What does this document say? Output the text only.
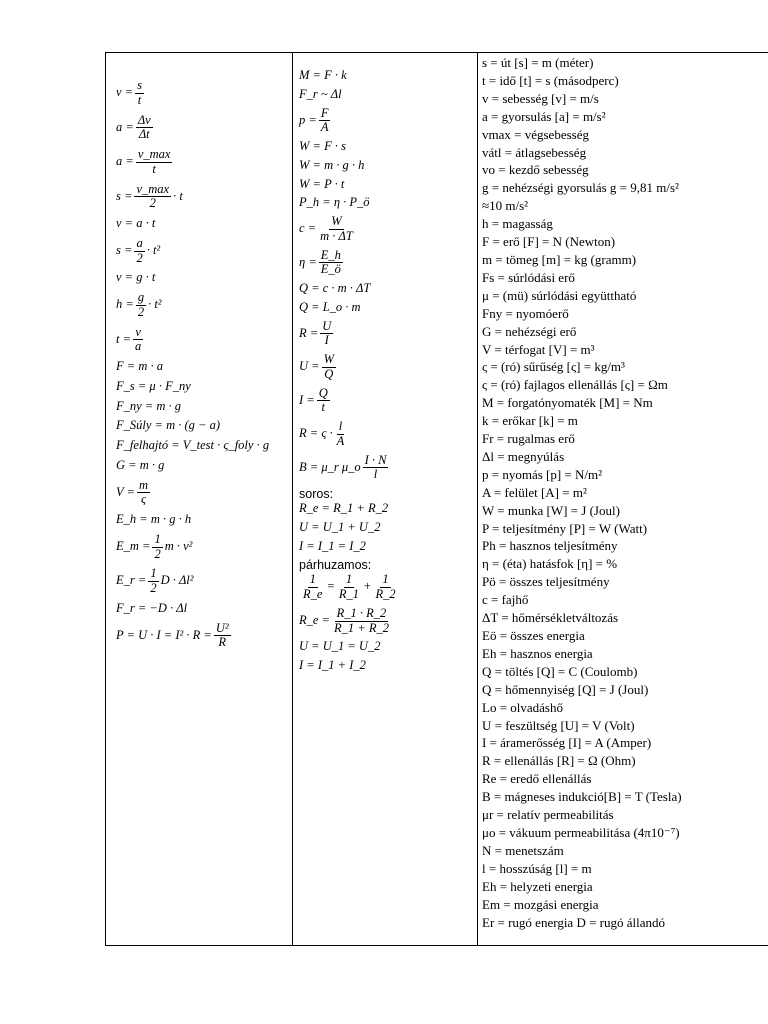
$v = \frac{s}{t}$
$a = \frac{\Delta v}{\Delta t}$
$a = \frac{v\_\max}{t}$
$s = \frac{v\_\max}{2} \cdot t$
v = a · t
$s = \frac{a}{2} \cdot t^2$
v = g · t
$h = \frac{g}{2} \cdot t^2$
$t = \frac{v}{a}$
F = m · a
F_s = μ · F_ny
F_ny = m · g
F_Súly = m · (g − a)
F_felhajtó = V_test · ς_foly · g
G = m · g
$V = \frac{m}{\varsigma}$
E_h = m · g · h
E_m = $\frac{1}{2}$ m · v²
E_r = $\frac{1}{2}$ D · Δl²
F_r = −D · Δl
$P = U \cdot I = I^2 \cdot R = \frac{\text{U²}}{R}$
M = F · k
F_r ~ Δl
$p = \frac{F}{A}$
W = F · s
W = m · g · h
W = P · t
P_h = η · P_ö
$c = \frac{W}{m \cdot \Delta T}$
$\eta = \frac{E\_h}{E\_ö}$
Q = c · m · ΔT
Q = L_o · m
$R = \frac{U}{I}$
$U = \frac{W}{Q}$
$I = \frac{Q}{t}$
$R = \varsigma \cdot \frac{l}{A}$
B = μ_r μ_o $\frac{I \cdot N}{l}$
soros:
R_e = R_1 + R_2
U = U_1 + U_2
I = I_1 = I_2
párhuzamos:
$\frac{1}{R\_e} = \frac{1}{R\_1} + \frac{1}{R\_2}$
R_e = $\frac{R\_1 \cdot R\_2}{R\_1 + R\_2}$
U = U_1 = U_2
I = I_1 + I_2
s = út [s] = m (méter)
t = idő [t] = s (másodperc)
v = sebesség [v] = m/s
a = gyorsulás [a] = m/s²
vmax = végsebesség
vátl = átlagsebesség
vo = kezdő sebesség
g = nehézségi gyorsulás g = 9,81 m/s²
≈10 m/s²
h = magasság
F = erő [F] = N (Newton)
m = tömeg [m] = kg (gramm)
Fs = súrlódási erő
μ = (mü) súrlódási együttható
Fny = nyomóerő
G = nehézségi erő
V = térfogat [V] = m³
ς = (ró) sűrűség [ς] = kg/m³
ς = (ró) fajlagos ellenállás [ς] = Ωm
M = forgatónyomaték [M] = Nm
k = erőkar [k] = m
Fr = rugalmas erő
Δl = megnyúlás
p = nyomás [p] = N/m²
A = felület [A] = m²
W = munka [W] = J (Joul)
P = teljesítmény [P] = W (Watt)
Ph = hasznos teljesítmény
η = (éta) hatásfok [η] = %
Pö = összes teljesítmény
c = fajhő
ΔT = hőmérsékletváltozás
Eö = összes energia
Eh = hasznos energia
Q = töltés [Q] = C (Coulomb)
Q = hőmennyiség [Q] = J (Joul)
Lo = olvadáshő
U = feszültség [U] = V (Volt)
I = áramerősség [I] = A (Amper)
R = ellenállás [R] = Ω (Ohm)
Re = eredő ellenállás
B = mágneses indukció[B] = T (Tesla)
μr = relatív permeabilitás
μo = vákuum permeabilitása (4π10⁻⁷)
N = menetszám
l = hosszúság [l] = m
Eh = helyzeti energia
Em = mozgási energia
Er = rugó energia D = rugó állandó
